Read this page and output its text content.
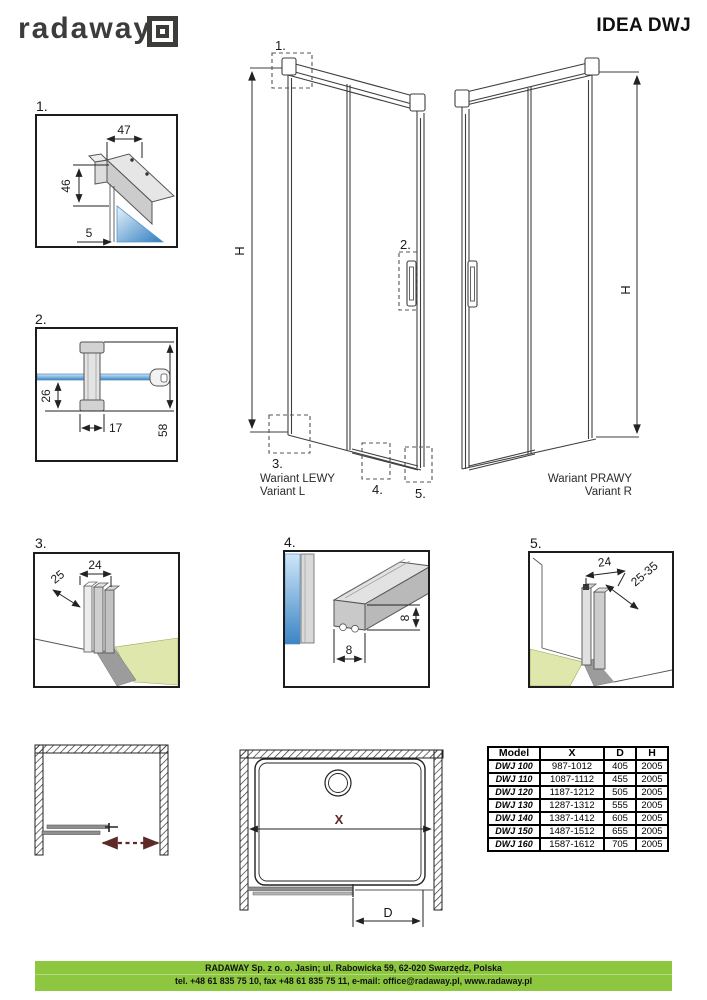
radaway	IDEA DWJ
1.
2.
3.	4.	5.
47
46
5
26
17	58
1.
2.
3.
4. 5.
H
H
Wariant LEWY
Variant L
Wariant PRAWY
Variant R
24
25
8
8
24 25-35
X
D
Model	X	D	H
DWJ 100	987-1012	405	2005
DWJ 110	1087-1112	455	2005
DWJ 120	1187-1212	505	2005
DWJ 130	1287-1312	555	2005
DWJ 140	1387-1412	605	2005
DWJ 150	1487-1512	655	2005
DWJ 160	1587-1612	705	2005
RADAWAY Sp. z o. o. Jasin; ul. Rabowicka 59, 62-020 Swarzędz, Polska
tel. +48 61 835 75 10, fax +48 61 835 75 11, e-mail: office@radaway.pl, www.radaway.pl
